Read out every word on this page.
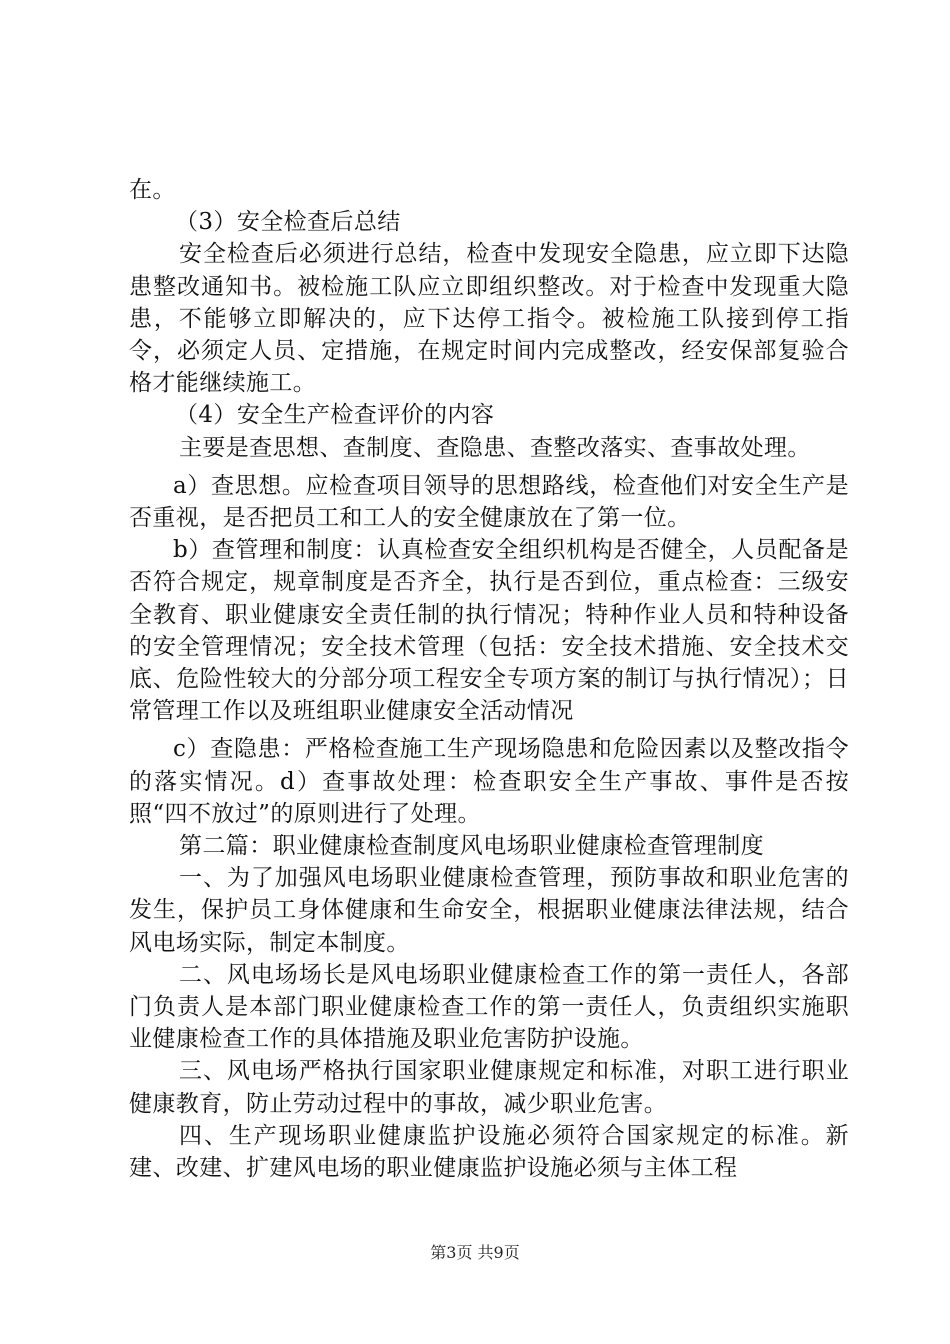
在。

（3）安全检查后总结

安全检查后必须进行总结，检查中发现安全隐患，应立即下达隐患整改通知书。被检施工队应立即组织整改。对于检查中发现重大隐患，不能够立即解决的，应下达停工指令。被检施工队接到停工指令，必须定人员、定措施，在规定时间内完成整改，经安保部复验合格才能继续施工。

（4）安全生产检查评价的内容

主要是查思想、查制度、查隐患、查整改落实、查事故处理。

a）查思想。应检查项目领导的思想路线，检查他们对安全生产是否重视，是否把员工和工人的安全健康放在了第一位。

b）查管理和制度：认真检查安全组织机构是否健全，人员配备是否符合规定，规章制度是否齐全，执行是否到位，重点检查：三级安全教育、职业健康安全责任制的执行情况；特种作业人员和特种设备的安全管理情况；安全技术管理（包括：安全技术措施、安全技术交底、危险性较大的分部分项工程安全专项方案的制订与执行情况）；日常管理工作以及班组职业健康安全活动情况

c）查隐患：严格检查施工生产现场隐患和危险因素以及整改指令的落实情况。d）查事故处理：检查职安全生产事故、事件是否按照“四不放过”的原则进行了处理。

第二篇：职业健康检查制度风电场职业健康检查管理制度

一、为了加强风电场职业健康检查管理，预防事故和职业危害的发生，保护员工身体健康和生命安全，根据职业健康法律法规，结合风电场实际，制定本制度。

二、风电场场长是风电场职业健康检查工作的第一责任人，各部门负责人是本部门职业健康检查工作的第一责任人，负责组织实施职业健康检查工作的具体措施及职业危害防护设施。

三、风电场严格执行国家职业健康规定和标准，对职工进行职业健康教育，防止劳动过程中的事故，减少职业危害。

四、生产现场职业健康监护设施必须符合国家规定的标准。新建、改建、扩建风电场的职业健康监护设施必须与主体工程

第3页 共9页
